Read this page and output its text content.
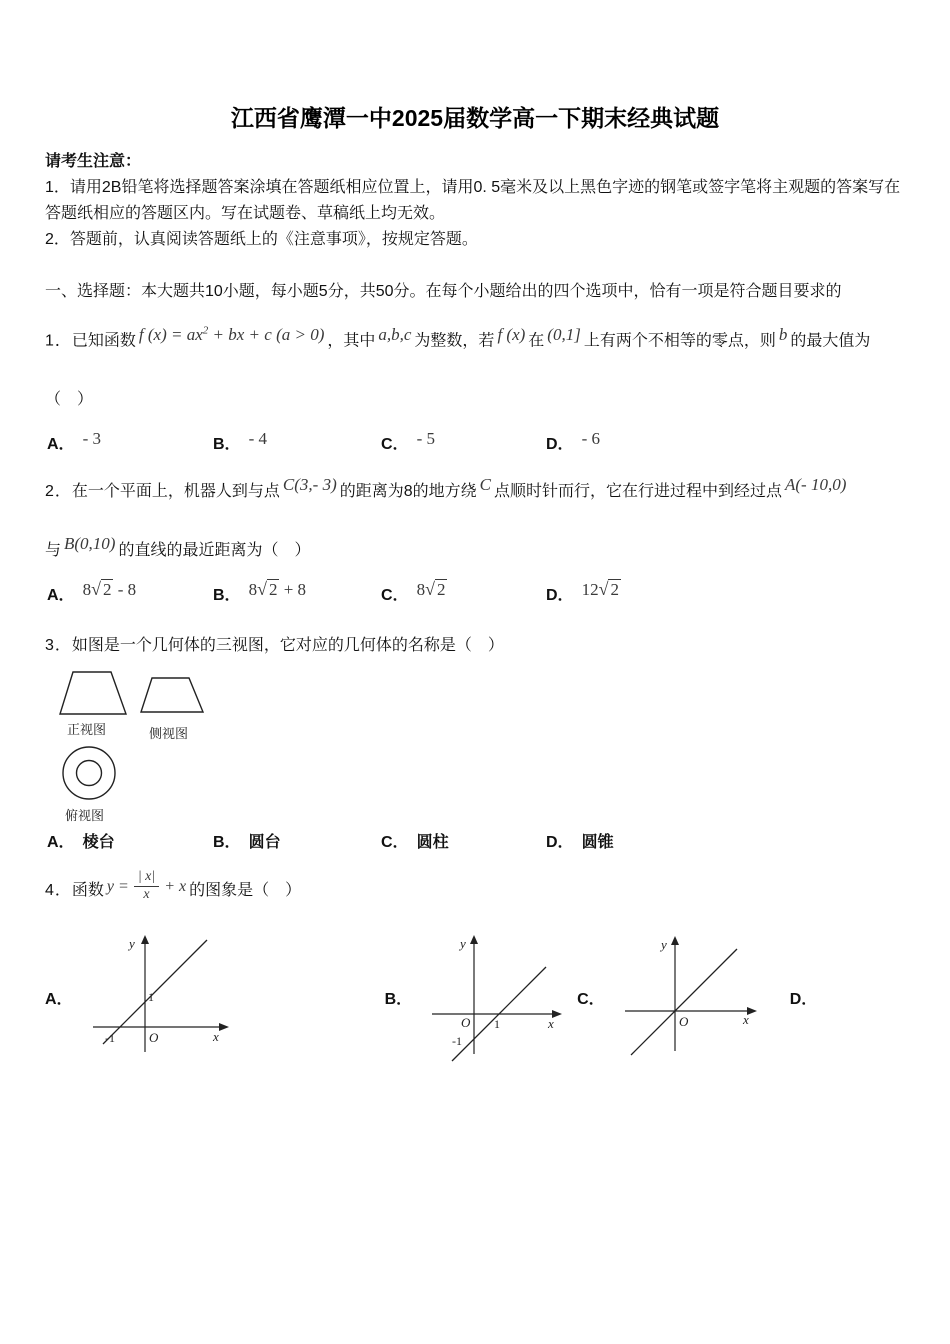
江西省鹰潭一中2025届数学高一下期末经典试题

请考生注意：

1．请用2B铅笔将选择题答案涂填在答题纸相应位置上，请用0. 5毫米及以上黑色字迹的钢笔或签字笔将主观题的答案写在答题纸相应的答题区内。写在试题卷、草稿纸上均无效。

2．答题前，认真阅读答题纸上的《注意事项》，按规定答题。

一、选择题：本大题共10小题，每小题5分，共50分。在每个小题给出的四个选项中，恰有一项是符合题目要求的

1．已知函数 f $(x) = ax^2$ + bx + c (a > 0) ，其中 a,b,c 为整数，若 f (x) 在 (0,1] 上有两个不相等的零点，则 b 的最大值为（　）

A． - 3	B． - 4	C． - 5	D． - 6

2．在一个平面上，机器人到与点 C(3,- 3) 的距离为8的地方绕 C 点顺时针而行，它在行进过程中到经过点 A(- 10,0)
与 B(0,10) 的直线的最近距离为（　）

A． 8√ 2 - 8	B． 8√ 2 + 8	C． 8√ 2	D． 12√ 2

3．如图是一个几何体的三视图，它对应的几何体的名称是（　）

正视图	侧视图
俯视图
A． 棱台	B． 圆台	C． 圆柱	D． 圆锥

4．函数 $y = \frac{| x|}{x} + x$ 的图象是（　）

A．
y
x
1
-1	O
B．
y
x
O 1
-1
C．
y
x
O
D．
